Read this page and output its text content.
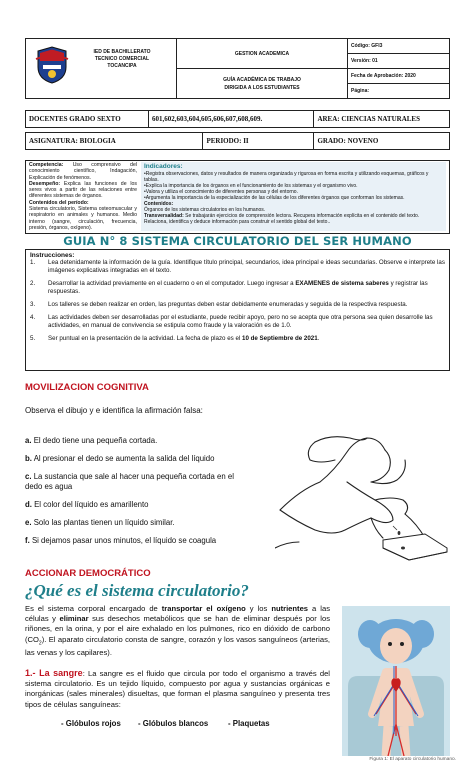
IED DE BACHILLERATO
TECNICO COMERCIAL
TOCANCIPA	GESTION ACADEMICA	Código: GFI3
		Versión: 01

	GUÍA ACADÉMICA DE TRABAJO
DIRIGIDA A LOS ESTUDIANTES	Fecha de Aprobación: 2020
		Página:
DOCENTES GRADO SEXTO	601,602,603,604,605,606,607,608,609.		AREA: CIENCIAS NATURALES

ASIGNATURA: BIOLOGIA		PERIODO: II	GRADO: NOVENO
Competencia: Uso comprensivo del conocimiento científico, Indagación, Explicación de fenómenos.
Desempeño: Explica las funciones de los seres vivos a partir de las relaciones entre diferentes sistemas de órganos.
Contenidos del período:
Sistema circulatorio, Sistema osteomuscular y respiratorio en animales y humanos. Medio interno (sangre, circulación, frecuencia, presión, órganos, oxígeno).
Indicadores:
•Registra observaciones, datos y resultados de manera organizada y rigurosa en forma escrita y utilizando esquemas, gráficos y tablas.
•Explica la importancia de los órganos en el funcionamiento de los sistemas y el organismo vivo.
•Valora y utiliza el conocimiento de diferentes personas y del entorno.
•Argumenta la importancia de la especialización de las células de los diferentes órganos que conforman los sistemas.
Contenidos:
Órganos de los sistemas circulatorios en los humanos.
Transversalidad: Se trabajarán ejercicios de comprensión lectora. Recupera información explícita en el contenido del texto. Relaciona, identifica y deduce información para construir el sentido global del texto..
GUIA N° 8 SISTEMA CIRCULATORIO DEL SER HUMANO
Instrucciones:
1.	Lea detenidamente la información de la guía. Identifique título principal, secundarios, idea principal e ideas secundarias. Observe e interprete las imágenes explicativas integradas en el texto.
2.	Desarrollar la actividad previamente en el cuaderno o en el computador. Luego ingresar a EXAMENES de sistema saberes y registrar las respuestas.
3.	Los talleres se deben realizar en orden, las preguntas deben estar debidamente enumeradas y seguida de la respectiva respuesta.
4.	Las actividades deben ser desarrolladas por el estudiante, puede recibir apoyo, pero no se acepta que otra persona sea quien desarrolle las actividades, en manual de convivencia se estipula como fraude y la valoración es de 1.0.
5.	Ser puntual en la presentación de la actividad. La fecha de plazo es el 10 de Septiembre de 2021.
MOVILIZACION COGNITIVA
Observa el dibujo y e identifica la afirmación falsa:
a. El dedo tiene una pequeña cortada.
b. Al presionar el dedo se aumenta la salida del líquido
c. La sustancia que sale al hacer una pequeña cortada en el dedo es agua
d. El color del líquido es amarillento
e. Solo las plantas tienen un líquido similar.
f. Si dejamos pasar unos minutos, el líquido se coagula
ACCIONAR DEMOCRÁTICO
¿Qué es el sistema circulatorio?
Es el sistema corporal encargado de transportar el oxígeno y los nutrientes a las células y eliminar sus desechos metabólicos que se han de eliminar después por los riñones, en la orina, y por el aire exhalado en los pulmones, rico en dióxido de carbono $(CO_2)$. El aparato circulatorio consta de sangre, corazón y los vasos sanguíneos (arterias, las venas y los capilares).
1.- La sangre: La sangre es el fluido que circula por todo el organismo a través del sistema circulatorio. Es un tejido líquido, compuesto por agua y sustancias orgánicas e inorgánicas (sales minerales) disueltas, que forman el plasma sanguíneo y presenta tres tipos de células sanguíneas:
- Glóbulos rojos - Glóbulos blancos	- Plaquetas
Figura 1: El aparato circulatorio humano.
